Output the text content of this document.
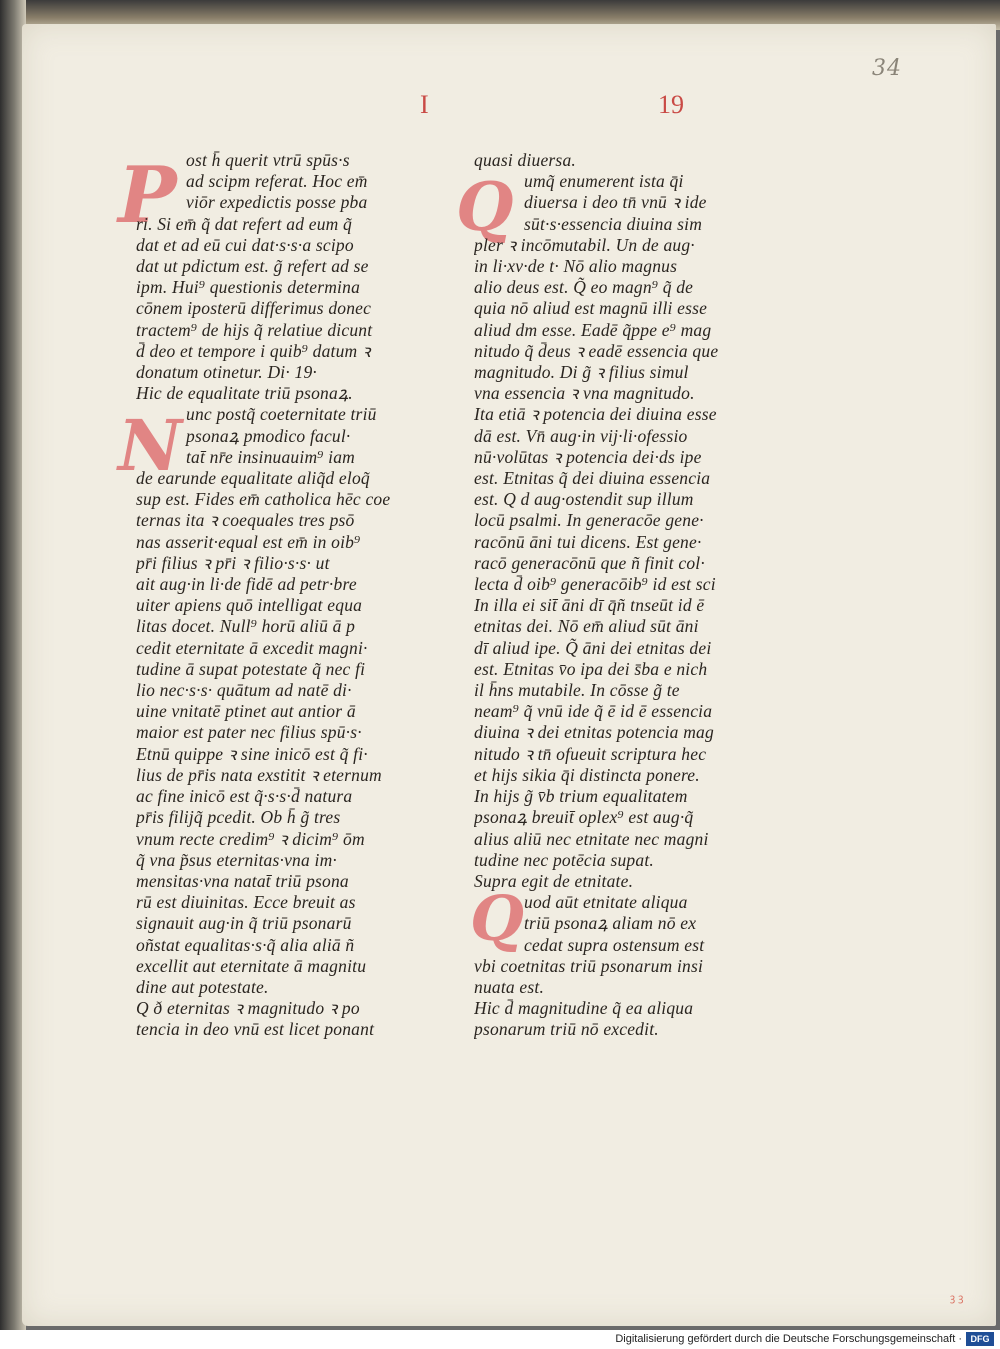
34
I	19
P
N
Q
Q
ost h̄ querit vtrū spūs·s
ad scipm referat. Hoc em̄
viōr expedictis posse pba
ri. Si em̄ q̃ dat refert ad eum q̃
dat et ad eū cui dat·s·s·a scipo
dat ut pdictum est. g̃ refert ad se
ipm. Hui⁹ questionis determina
cōnem iposterū differimus donec
tractem⁹ de hijs q̃ relatiue dicunt
d̄ deo et tempore i quib⁹ datum ꝛ
donatum otinetur. Di· 19·
Hic de equalitate triū psonaꝝ.
unc postq̃ coeternitate triū
psonaꝝ pmodico facul·
tat̄ nr̄e insinuauim⁹ iam
de earunde equalitate aliq̃d eloq̃
sup est. Fides em̄ catholica hēc coe
ternas ita ꝛ coequales tres psō
nas asserit·equal est em̄ in oib⁹
pr̄i filius ꝛ pr̄i ꝛ filio·s·s· ut
ait aug·in li·de fidē ad petr·bre
uiter apiens quō intelligat equa
litas docet. Null⁹ horū aliū ā p
cedit eternitate ā excedit magni·
tudine ā supat potestate q̃ nec fi
lio nec·s·s· quātum ad natē di·
uine vnitatē ptinet aut antior ā
maior est pater nec filius spū·s·
Etnū quippe ꝛ sine inicō est q̃ fi·
lius de pr̄is nata exstitit ꝛ eternum
ac fine inicō est q̃·s·s·d̄ natura
pr̄is filijq̃ pcedit. Ob h̄ g̃ tres
vnum recte credim⁹ ꝛ dicim⁹ ōm
q̃ vna p̃sus eternitas·vna im·
mensitas·vna natat̄ triū psona
rū est diuinitas. Ecce breuit as
signauit aug·in q̃ triū psonarū
oñstat equalitas·s·q̃ alia aliā ñ
excellit aut eternitate ā magnitu
dine aut potestate.
Q ð eternitas ꝛ magnitudo ꝛ po
tencia in deo vnū est licet ponant
quasi diuersa.
umq̃ enumerent ista q̄i
diuersa i deo tn̄ vnū ꝛ ide
sūt·s·essencia diuina sim
pler ꝛ incōmutabil. Un de aug·
in li·xv·de t· Nō alio magnus
alio deus est. Q̃ eo magn⁹ q̃ de
quia nō aliud est magnū illi esse
aliud dm esse. Eadē q̃ppe e⁹ mag
nitudo q̃ d̄eus ꝛ eadē essencia que
magnitudo. Di g̃ ꝛ filius simul
vna essencia ꝛ vna magnitudo.
Ita etiā ꝛ potencia dei diuina esse
dā est. Vn̄ aug·in vij·li·ofessio
nū·volūtas ꝛ potencia dei·ds ipe
est. Etnitas q̃ dei diuina essencia
est. Q d aug·ostendit sup illum
locū psalmi. In generacōe gene·
racōnū āni tui dicens. Est gene·
racō generacōnū que ñ finit col·
lecta d̄ oib⁹ generacōib⁹ id est sci
In illa ei sit̄ āni dī q̄ñ tnseūt id ē
etnitas dei. Nō em̄ aliud sūt āni
dī aliud ipe. Q̃ āni dei etnitas dei
est. Etnitas v̄o ipa dei s̄ba e nich
il h̄ns mutabile. In cōsse g̃ te
neam⁹ q̃ vnū ide q̃ ē id ē essencia
diuina ꝛ dei etnitas potencia mag
nitudo ꝛ tn̄ ofueuit scriptura hec
et hijs sikia q̄i distincta ponere.
In hijs g̃ v̄b trium equalitatem
psonaꝝ breuit̄ oplex⁹ est aug·q̃
alius aliū nec etnitate nec magni
tudine nec potēcia supat.
Supra egit de etnitate.
uod aūt etnitate aliqua
triū psonaꝝ aliam nō ex
cedat supra ostensum est
vbi coetnitas triū psonarum insi
nuata est.
Hic d̄ magnitudine q̃ ea aliqua
psonarum triū nō excedit.
ꝫ ꝫ
Digitalisierung gefördert durch die Deutsche Forschungsgemeinschaft · DFG
